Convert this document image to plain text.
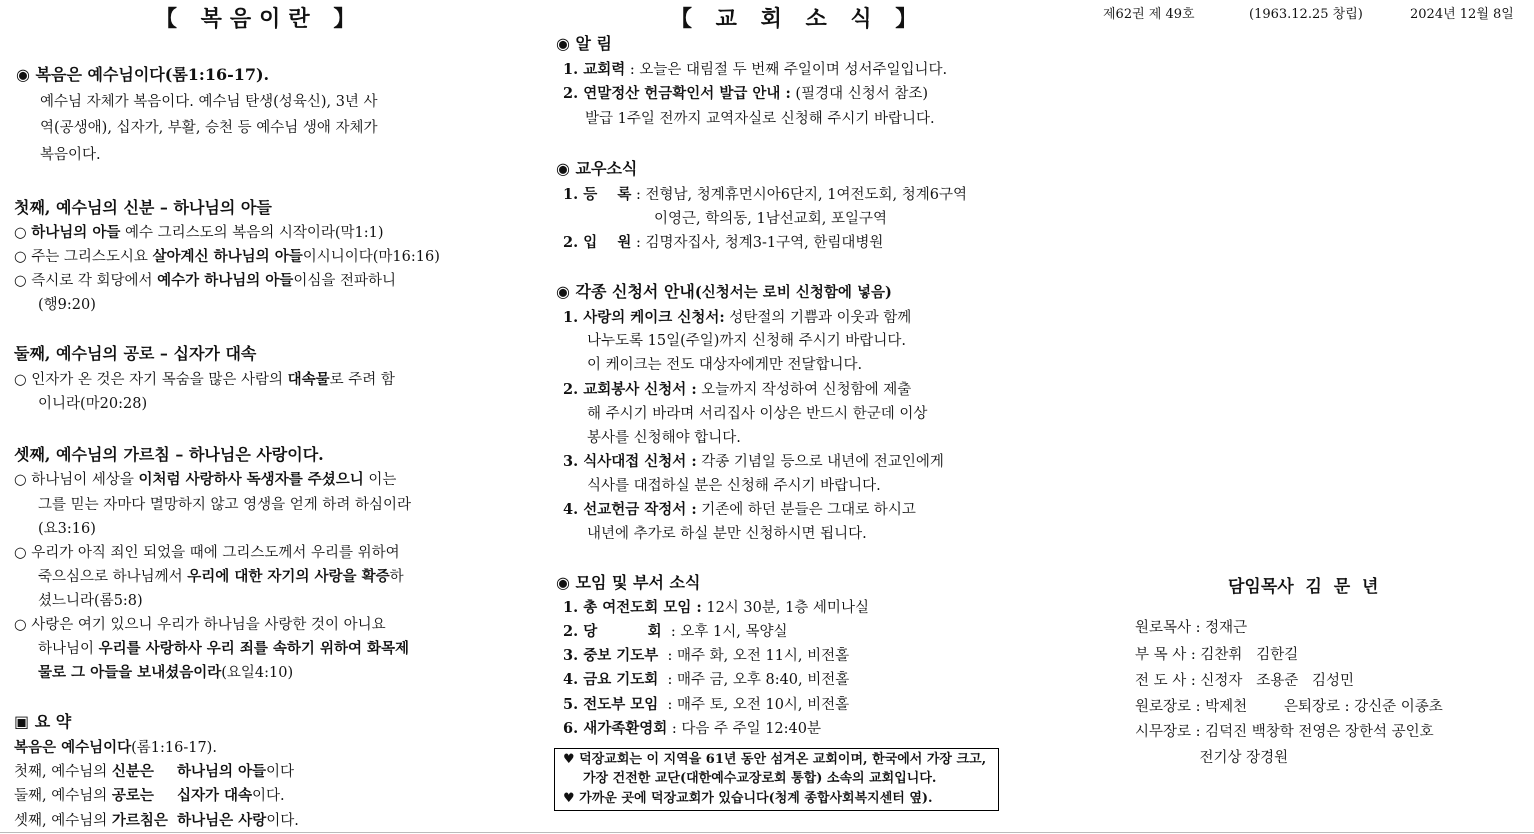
【 복음이란 】
◉ 복음은 예수님이다(롬1:16-17).
예수님 자체가 복음이다. 예수님 탄생(성육신), 3년 사
역(공생애), 십자가, 부활, 승천 등 예수님 생애 자체가
복음이다.
첫째, 예수님의 신분 – 하나님의 아들
○ 하나님의 아들 예수 그리스도의 복음의 시작이라(막1:1)
○ 주는 그리스도시요 살아계신 하나님의 아들이시니이다(마16:16)
○ 즉시로 각 회당에서 예수가 하나님의 아들이심을 전파하니
(행9:20)
둘째, 예수님의 공로 – 십자가 대속
○ 인자가 온 것은 자기 목숨을 많은 사람의 대속물로 주려 함
이니라(마20:28)
셋째, 예수님의 가르침 – 하나님은 사랑이다.
○ 하나님이 세상을 이처럼 사랑하사 독생자를 주셨으니 이는
그를 믿는 자마다 멸망하지 않고 영생을 얻게 하려 하심이라
(요3:16)
○ 우리가 아직 죄인 되었을 때에 그리스도께서 우리를 위하여
죽으심으로 하나님께서 우리에 대한 자기의 사랑을 확증하
셨느니라(롬5:8)
○ 사랑은 여기 있으니 우리가 하나님을 사랑한 것이 아니요
하나님이 우리를 사랑하사 우리 죄를 속하기 위하여 화목제
물로 그 아들을 보내셨음이라(요일4:10)
▣ 요 약
복음은 예수님이다(롬1:16-17).
첫째, 예수님의 신분은 하나님의 아들이다
둘째, 예수님의 공로는 십자가 대속이다.
셋째, 예수님의 가르침은 하나님은 사랑이다.
【 교 회 소 식 】
◉ 알 림
1. 교회력 : 오늘은 대림절 두 번째 주일이며 성서주일입니다.
2. 연말정산 헌금확인서 발급 안내 : (필경대 신청서 참조)
발급 1주일 전까지 교역자실로 신청해 주시기 바랍니다.
◉ 교우소식
1. 등    록 : 전형남, 청계휴먼시아6단지, 1여전도회, 청계6구역
이영근, 학의동, 1남선교회, 포일구역
2. 입    원 : 김명자집사, 청계3-1구역, 한림대병원
◉ 각종 신청서 안내(신청서는 로비 신청함에 넣음)
1. 사랑의 케이크 신청서: 성탄절의 기쁨과 이웃과 함께
나누도록 15일(주일)까지 신청해 주시기 바랍니다.
이 케이크는 전도 대상자에게만 전달합니다.
2. 교회봉사 신청서 : 오늘까지 작성하여 신청함에 제출
해 주시기 바라며 서리집사 이상은 반드시 한군데 이상
봉사를 신청해야 합니다.
3. 식사대접 신청서 : 각종 기념일 등으로 내년에 전교인에게
식사를 대접하실 분은 신청해 주시기 바랍니다.
4. 선교헌금 작정서 : 기존에 하던 분들은 그대로 하시고
내년에 추가로 하실 분만 신청하시면 됩니다.
◉ 모임 및 부서 소식
1. 총 여전도회 모임 : 12시 30분, 1층 세미나실
2. 당          회  : 오후 1시, 목양실
3. 중보 기도부  : 매주 화, 오전 11시, 비전홀
4. 금요 기도회  : 매주 금, 오후 8:40, 비전홀
5. 전도부 모임  : 매주 토, 오전 10시, 비전홀
6. 새가족환영회 : 다음 주 주일 12:40분
♥ 덕장교회는 이 지역을 61년 동안 섬겨온 교회이며, 한국에서 가장 크고,
가장 건전한 교단(대한예수교장로회 통합) 소속의 교회입니다.
♥ 가까운 곳에 덕장교회가 있습니다(청계 종합사회복지센터 옆).
제62권 제 49호	(1963.12.25 창립)	2024년 12월 8일
담임목사  김  문  년
원로목사 : 정재근
부 목 사 : 김찬휘   김한길
전 도 사 : 신정자   조용준   김성민
원로장로 : 박제천        은퇴장로 : 강신준 이종초
시무장로 : 김덕진 백창학 전영은 장한석 공인호
전기상 장경원
